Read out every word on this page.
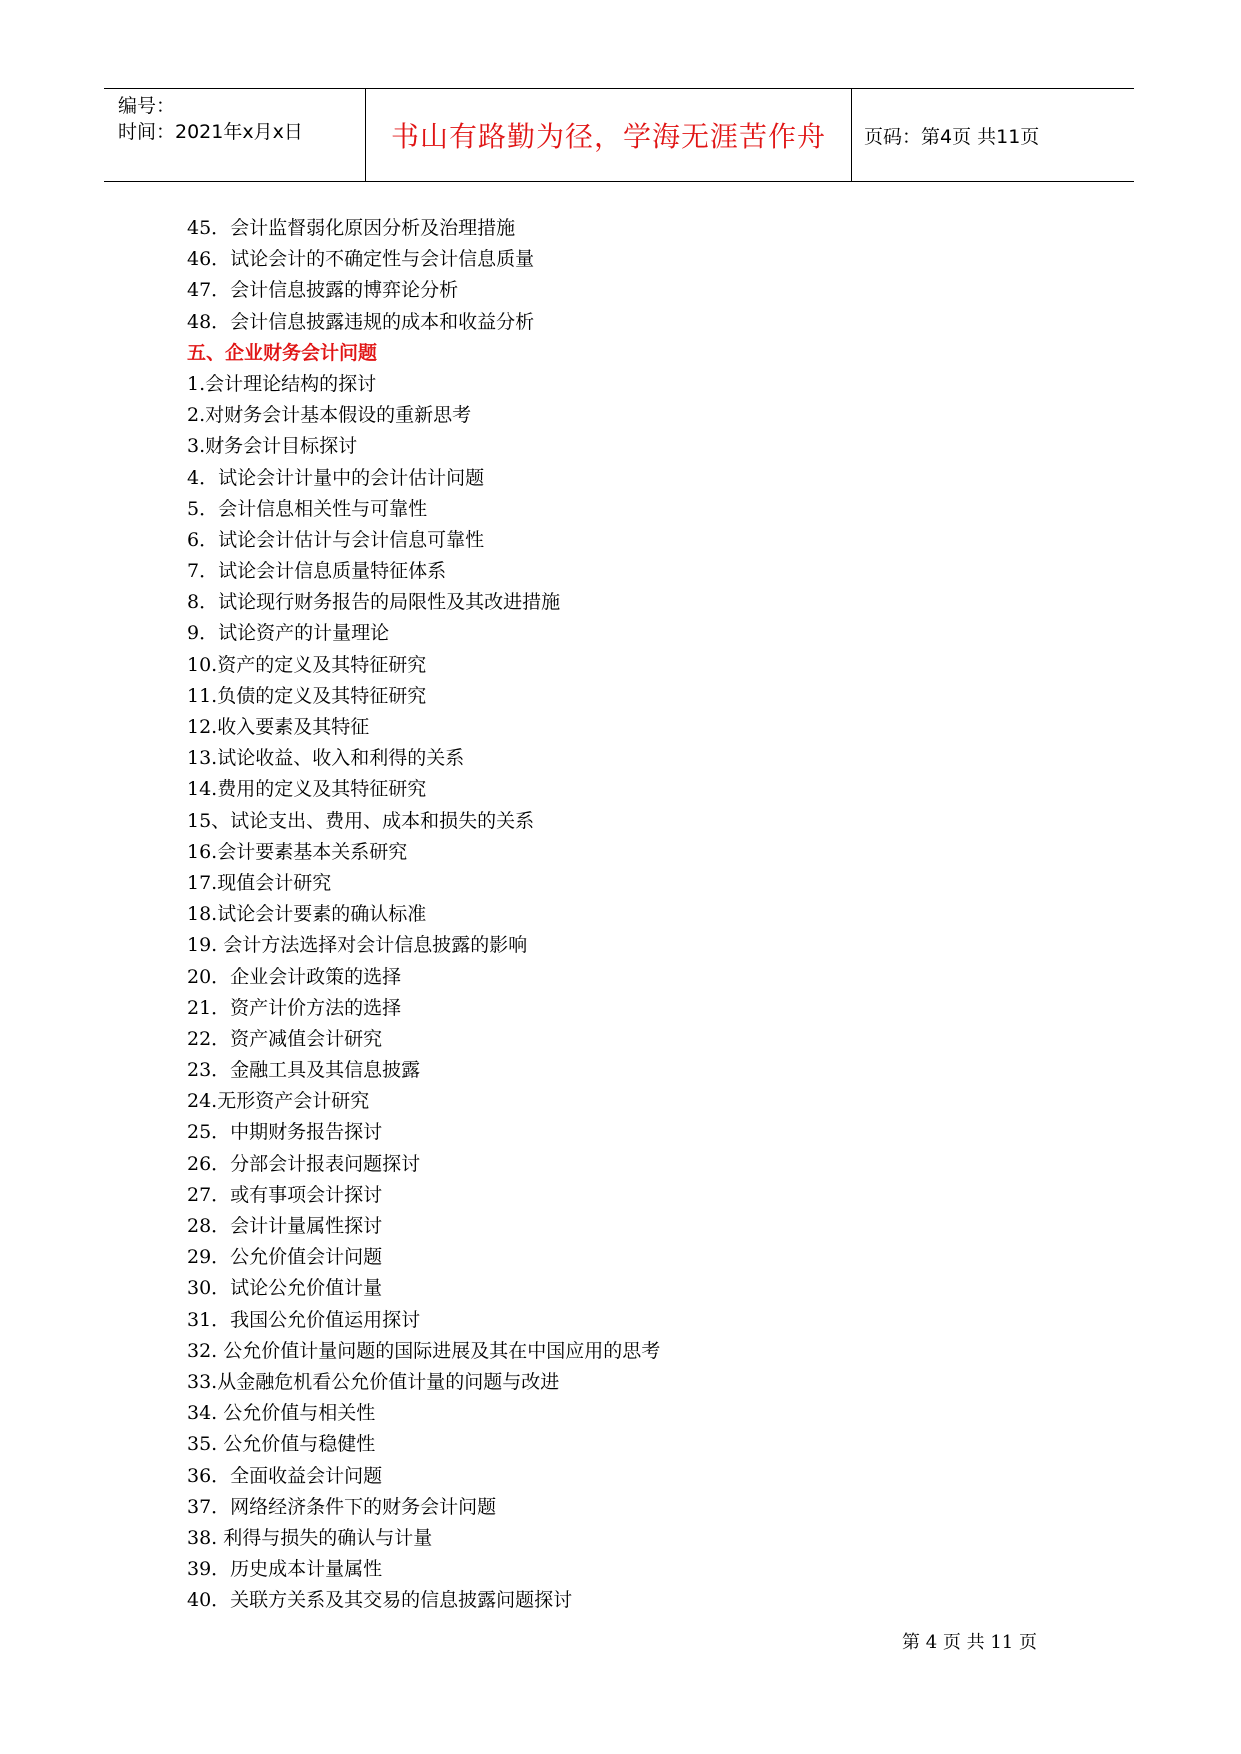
编号：
时间：2021年x月x日	书山有路勤为径，学海无涯苦作舟 页码：第4页 共11页
45．会计监督弱化原因分析及治理措施
46．试论会计的不确定性与会计信息质量
47．会计信息披露的博弈论分析
48．会计信息披露违规的成本和收益分析
五、企业财务会计问题
1.会计理论结构的探讨
2.对财务会计基本假设的重新思考
3.财务会计目标探讨
4．试论会计计量中的会计估计问题
5．会计信息相关性与可靠性
6．试论会计估计与会计信息可靠性
7．试论会计信息质量特征体系
8．试论现行财务报告的局限性及其改进措施
9．试论资产的计量理论
10.资产的定义及其特征研究
11.负债的定义及其特征研究
12.收入要素及其特征
13.试论收益、收入和利得的关系
14.费用的定义及其特征研究
15、试论支出、费用、成本和损失的关系
16.会计要素基本关系研究
17.现值会计研究
18.试论会计要素的确认标准
19. 会计方法选择对会计信息披露的影响
20．企业会计政策的选择
21．资产计价方法的选择
22．资产减值会计研究
23．金融工具及其信息披露
24.无形资产会计研究
25．中期财务报告探讨
26．分部会计报表问题探讨
27．或有事项会计探讨
28．会计计量属性探讨
29．公允价值会计问题
30．试论公允价值计量
31．我国公允价值运用探讨
32. 公允价值计量问题的国际进展及其在中国应用的思考
33.从金融危机看公允价值计量的问题与改进
34. 公允价值与相关性
35. 公允价值与稳健性
36．全面收益会计问题
37．网络经济条件下的财务会计问题
38. 利得与损失的确认与计量
39．历史成本计量属性
40．关联方关系及其交易的信息披露问题探讨
第 4 页 共 11 页
